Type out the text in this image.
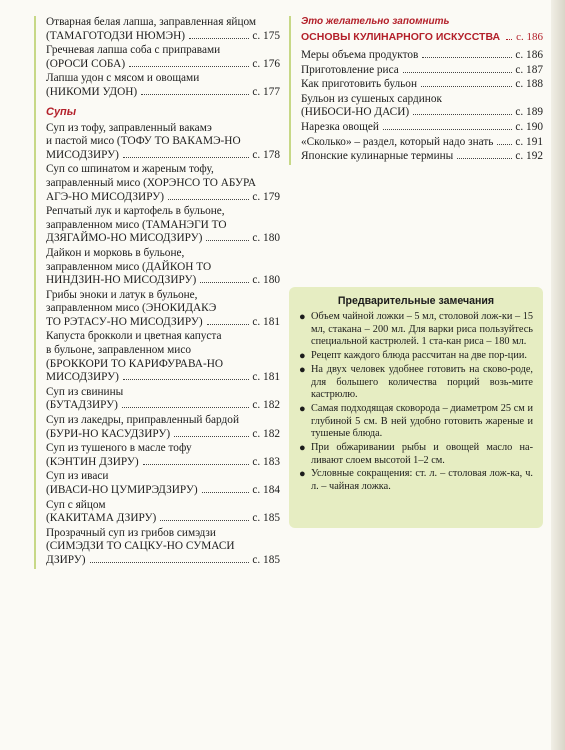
Отварная белая лапша, заправленная яйцом
(ТАМАГОТОДЗИ НЮМЭН)	с. 175
Гречневая лапша соба с приправами
(ОРОСИ СОБА)	с. 176
Лапша удон с мясом и овощами
(НИКОМИ УДОН)	с. 177
Супы
Суп из тофу, заправленный вакамэ
и пастой мисо (ТОФУ ТО ВАКАМЭ-НО
МИСОДЗИРУ)	с. 178
Суп со шпинатом и жареным тофу,
заправленный мисо (ХОРЭНСО ТО АБУРА
АГЭ-НО МИСОДЗИРУ)	с. 179
Репчатый лук и картофель в бульоне,
заправленном мисо (ТАМАНЭГИ ТО
ДЗЯГАЙМО-НО МИСОДЗИРУ)	с. 180
Дайкон и морковь в бульоне,
заправленном мисо (ДАЙКОН ТО
НИНДЗИН-НО МИСОДЗИРУ)	с. 180
Грибы эноки и латук в бульоне,
заправленном мисо (ЭНОКИДАКЭ
ТО РЭТАСУ-НО МИСОДЗИРУ)	с. 181
Капуста брокколи и цветная капуста
в бульоне, заправленном мисо
(БРОККОРИ ТО КАРИФУРАВА-НО
МИСОДЗИРУ)	с. 181
Суп из свинины
(БУТАДЗИРУ)	с. 182
Суп из лакедры, приправленный бардой
(БУРИ-НО КАСУДЗИРУ)	с. 182
Суп из тушеного в масле тофу
(КЭНТИН ДЗИРУ)	с. 183
Суп из иваси
(ИВАСИ-НО ЦУМИРЭДЗИРУ)	с. 184
Суп с яйцом
(КАКИТАМА ДЗИРУ)	с. 185
Прозрачный суп из грибов симэдзи
(СИМЭДЗИ ТО САЦКУ-НО СУМАСИ
ДЗИРУ)	с. 185
Это желательно запомнить
ОСНОВЫ КУЛИНАРНОГО ИСКУССТВА с. 186
Меры объема продуктов	с. 186
Приготовление риса	с. 187
Как приготовить бульон	с. 188
Бульон из сушеных сардинок
(НИБОСИ-НО ДАСИ)	с. 189
Нарезка овощей	с. 190
«Сколько» – раздел, который надо знать с. 191
Японские кулинарные термины	с. 192
Предварительные замечания
● Объем чайной ложки – 5 мл, столовой лож-ки – 15 мл, стакана – 200 мл. Для варки риса пользуйтесь специальной кастрюлей. 1 ста-кан риса – 180 мл.
● Рецепт каждого блюда рассчитан на две пор-ции.
● На двух человек удобнее готовить на сково-роде, для большего количества порций возь-мите кастрюлю.
● Самая подходящая сковорода – диаметром 25 см и глубиной 5 см. В ней удобно готовить жареные и тушеные блюда.
● При обжаривании рыбы и овощей масло на-ливают слоем высотой 1–2 см.
● Условные сокращения: ст. л. – столовая лож-ка, ч. л. – чайная ложка.
